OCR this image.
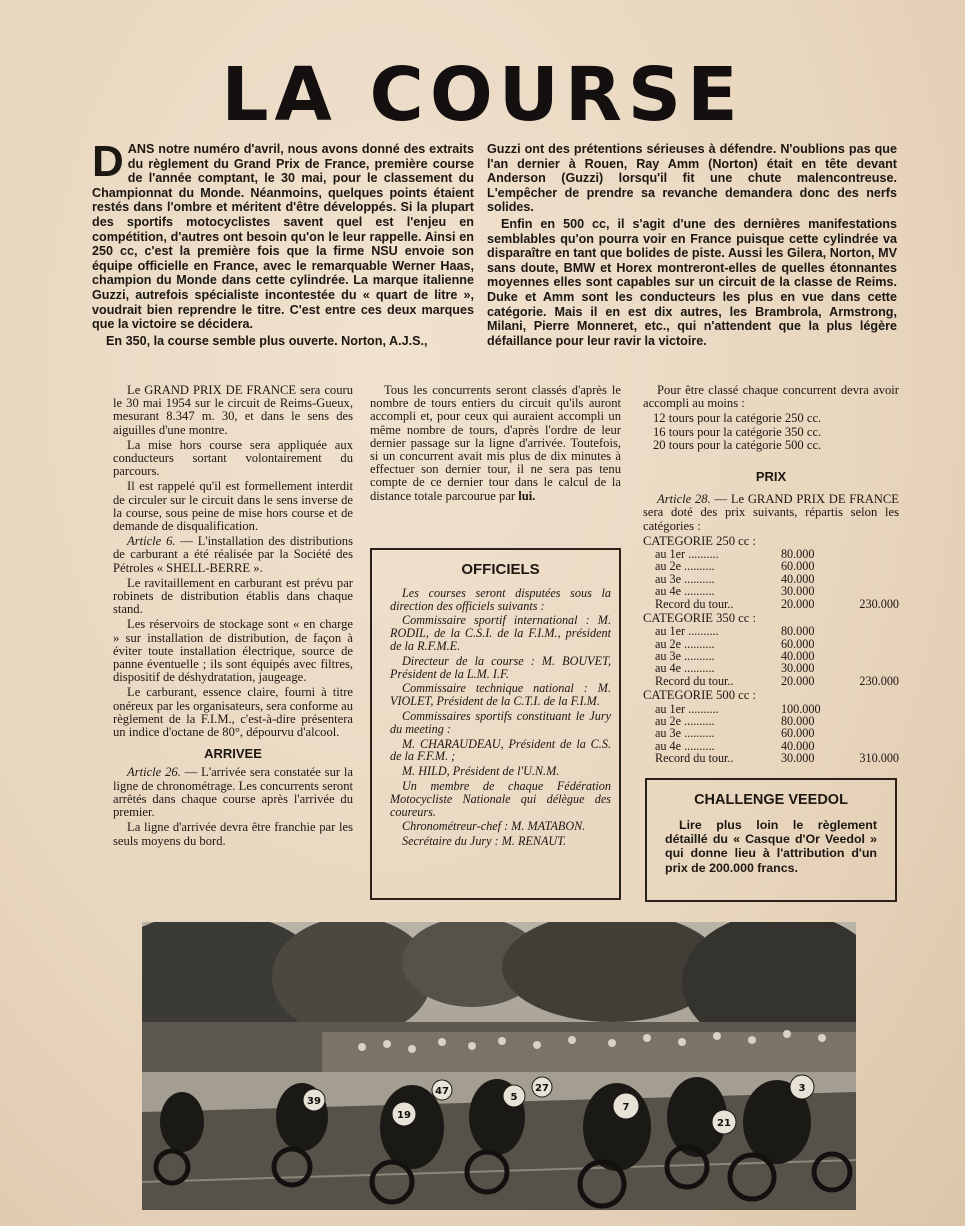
LA COURSE

DANS notre numéro d'avril, nous avons donné des extraits du règlement du Grand Prix de France, première course de l'année comptant, le 30 mai, pour le classement du Championnat du Monde. Néanmoins, quelques points étaient restés dans l'ombre et méritent d'être développés. Si la plupart des sportifs motocyclistes savent quel est l'enjeu en compétition, d'autres ont besoin qu'on le leur rappelle. Ainsi en 250 cc, c'est la première fois que la firme NSU envoie son équipe officielle en France, avec le remarquable Werner Haas, champion du Monde dans cette cylindrée. La marque italienne Guzzi, autrefois spécialiste incontestée du « quart de litre », voudrait bien reprendre le titre. C'est entre ces deux marques que la victoire se décidera.

En 350, la course semble plus ouverte. Norton, A.J.S.,

Guzzi ont des prétentions sérieuses à défendre. N'oublions pas que l'an dernier à Rouen, Ray Amm (Norton) était en tête devant Anderson (Guzzi) lorsqu'il fit une chute malencontreuse. L'empêcher de prendre sa revanche demandera donc des nerfs solides.

Enfin en 500 cc, il s'agit d'une des dernières manifestations semblables qu'on pourra voir en France puisque cette cylindrée va disparaître en tant que bolides de piste. Aussi les Gilera, Norton, MV sans doute, BMW et Horex montreront-elles de quelles étonnantes moyennes elles sont capables sur un circuit de la classe de Reims. Duke et Amm sont les conducteurs les plus en vue dans cette catégorie. Mais il en est dix autres, les Brambrola, Armstrong, Milani, Pierre Monneret, etc., qui n'attendent que la plus légère défaillance pour leur ravir la victoire.

Le GRAND PRIX DE FRANCE sera couru le 30 mai 1954 sur le circuit de Reims-Gueux, mesurant 8.347 m. 30, et dans le sens des aiguilles d'une montre.

La mise hors course sera appliquée aux conducteurs sortant volontairement du parcours.

Il est rappelé qu'il est formellement interdit de circuler sur le circuit dans le sens inverse de la course, sous peine de mise hors course et de demande de disqualification.

Article 6. — L'installation des distributions de carburant a été réalisée par la Société des Pétroles « SHELL-BERRE ».

Le ravitaillement en carburant est prévu par robinets de distribution établis dans chaque stand.

Les réservoirs de stockage sont « en charge » sur installation de distribution, de façon à éviter toute installation électrique, source de panne éventuelle ; ils sont équipés avec filtres, dispositif de déshydratation, jaugeage.

Le carburant, essence claire, fourni à titre onéreux par les organisateurs, sera conforme au règlement de la F.I.M., c'est-à-dire présentera un indice d'octane de 80°, dépourvu d'alcool.

ARRIVEE

Article 26. — L'arrivée sera constatée sur la ligne de chronométrage. Les concurrents seront arrêtés dans chaque course après l'arrivée du premier.

La ligne d'arrivée devra être franchie par les seuls moyens du bord.

Tous les concurrents seront classés d'après le nombre de tours entiers du circuit qu'ils auront accompli et, pour ceux qui auraient accompli un même nombre de tours, d'après l'ordre de leur dernier passage sur la ligne d'arrivée. Toutefois, si un concurrent avait mis plus de dix minutes à effectuer son dernier tour, il ne sera pas tenu compte de ce dernier tour dans le calcul de la distance totale parcourue par lui.

OFFICIELS

Les courses seront disputées sous la direction des officiels suivants :

Commissaire sportif international : M. RODIL, de la C.S.I. de la F.I.M., président de la R.F.M.E.

Directeur de la course : M. BOUVET, Président de la L.M. I.F.

Commissaire technique national : M. VIOLET, Président de la C.T.I. de la F.I.M.

Commissaires sportifs constituant le Jury du meeting :

M. CHARAUDEAU, Président de la C.S. de la F.F.M. ;

M. HILD, Président de l'U.N.M.

Un membre de chaque Fédération Motocycliste Nationale qui délègue des coureurs.

Chronométreur-chef : M. MATABON.

Secrétaire du Jury : M. RENAUT.

Pour être classé chaque concurrent devra avoir accompli au moins :

12 tours pour la catégorie 250 cc.

16 tours pour la catégorie 350 cc.

20 tours pour la catégorie 500 cc.

PRIX

Article 28. — Le GRAND PRIX DE FRANCE sera doté des prix suivants, répartis selon les catégories :

CATEGORIE 250 cc :
au 1er ..........	80.000
au 2e ..........	60.000
au 3e ..........	40.000
au 4e ..........	30.000
Record du tour..	20.000	230.000
CATEGORIE 350 cc :
au 1er ..........	80.000
au 2e ..........	60.000
au 3e ..........	40.000
au 4e ..........	30.000
Record du tour..	20.000	230.000
CATEGORIE 500 cc :
au 1er ..........	100.000
au 2e ..........	80.000
au 3e ..........	60.000
au 4e ..........	40.000
Record du tour..	30.000	310.000
CHALLENGE VEEDOL

Lire plus loin le règlement détaillé du « Casque d'Or Veedol » qui donne lieu à l'attribution d'un prix de 200.000 francs.

39
19
47
5
27
7
21
3
